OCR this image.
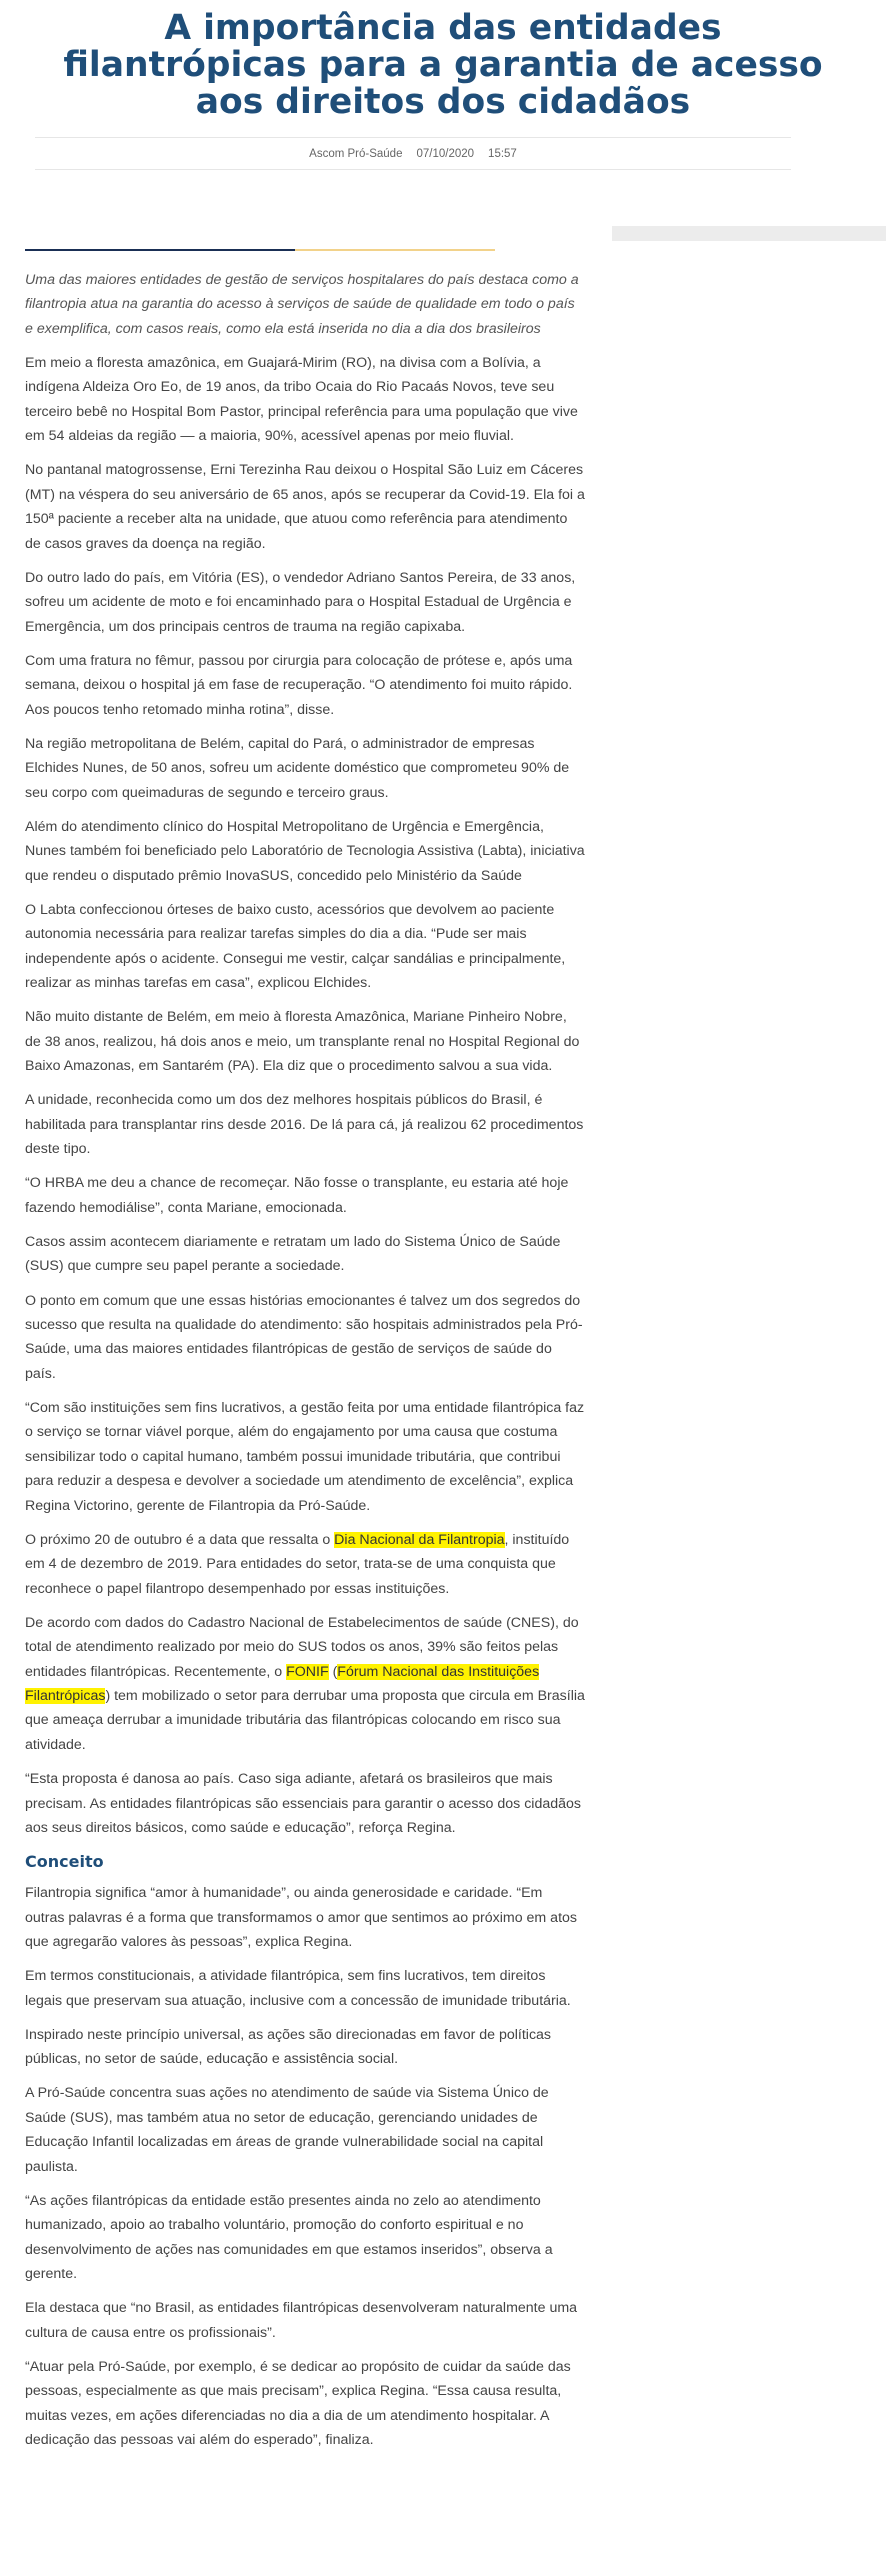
A importância das entidades filantrópicas para a garantia de acesso aos direitos dos cidadãos
Ascom Pró-Saúde 07/10/2020 15:57

Uma das maiores entidades de gestão de serviços hospitalares do país destaca como a filantropia atua na garantia do acesso à serviços de saúde de qualidade em todo o país e exemplifica, com casos reais, como ela está inserida no dia a dia dos brasileiros

Em meio a floresta amazônica, em Guajará-Mirim (RO), na divisa com a Bolívia, a indígena Aldeiza Oro Eo, de 19 anos, da tribo Ocaia do Rio Pacaás Novos, teve seu terceiro bebê no Hospital Bom Pastor, principal referência para uma população que vive em 54 aldeias da região — a maioria, 90%, acessível apenas por meio fluvial.

No pantanal matogrossense, Erni Terezinha Rau deixou o Hospital São Luiz em Cáceres (MT) na véspera do seu aniversário de 65 anos, após se recuperar da Covid-19. Ela foi a 150ª paciente a receber alta na unidade, que atuou como referência para atendimento de casos graves da doença na região.

Do outro lado do país, em Vitória (ES), o vendedor Adriano Santos Pereira, de 33 anos, sofreu um acidente de moto e foi encaminhado para o Hospital Estadual de Urgência e Emergência, um dos principais centros de trauma na região capixaba.

Com uma fratura no fêmur, passou por cirurgia para colocação de prótese e, após uma semana, deixou o hospital já em fase de recuperação. “O atendimento foi muito rápido. Aos poucos tenho retomado minha rotina”, disse.

Na região metropolitana de Belém, capital do Pará, o administrador de empresas Elchides Nunes, de 50 anos, sofreu um acidente doméstico que comprometeu 90% de seu corpo com queimaduras de segundo e terceiro graus.

Além do atendimento clínico do Hospital Metropolitano de Urgência e Emergência, Nunes também foi beneficiado pelo Laboratório de Tecnologia Assistiva (Labta), iniciativa que rendeu o disputado prêmio InovaSUS, concedido pelo Ministério da Saúde

O Labta confeccionou órteses de baixo custo, acessórios que devolvem ao paciente autonomia necessária para realizar tarefas simples do dia a dia. “Pude ser mais independente após o acidente. Consegui me vestir, calçar sandálias e principalmente, realizar as minhas tarefas em casa”, explicou Elchides.

Não muito distante de Belém, em meio à floresta Amazônica, Mariane Pinheiro Nobre, de 38 anos, realizou, há dois anos e meio, um transplante renal no Hospital Regional do Baixo Amazonas, em Santarém (PA). Ela diz que o procedimento salvou a sua vida.

A unidade, reconhecida como um dos dez melhores hospitais públicos do Brasil, é habilitada para transplantar rins desde 2016. De lá para cá, já realizou 62 procedimentos deste tipo.

“O HRBA me deu a chance de recomeçar. Não fosse o transplante, eu estaria até hoje fazendo hemodiálise”, conta Mariane, emocionada.

Casos assim acontecem diariamente e retratam um lado do Sistema Único de Saúde (SUS) que cumpre seu papel perante a sociedade.

O ponto em comum que une essas histórias emocionantes é talvez um dos segredos do sucesso que resulta na qualidade do atendimento: são hospitais administrados pela Pró-Saúde, uma das maiores entidades filantrópicas de gestão de serviços de saúde do país.

“Com são instituições sem fins lucrativos, a gestão feita por uma entidade filantrópica faz o serviço se tornar viável porque, além do engajamento por uma causa que costuma sensibilizar todo o capital humano, também possui imunidade tributária, que contribui para reduzir a despesa e devolver a sociedade um atendimento de excelência”, explica Regina Victorino, gerente de Filantropia da Pró-Saúde.

O próximo 20 de outubro é a data que ressalta o Dia Nacional da Filantropia, instituído em 4 de dezembro de 2019. Para entidades do setor, trata-se de uma conquista que reconhece o papel filantropo desempenhado por essas instituições.

De acordo com dados do Cadastro Nacional de Estabelecimentos de saúde (CNES), do total de atendimento realizado por meio do SUS todos os anos, 39% são feitos pelas entidades filantrópicas. Recentemente, o FONIF (Fórum Nacional das Instituições Filantrópicas) tem mobilizado o setor para derrubar uma proposta que circula em Brasília que ameaça derrubar a imunidade tributária das filantrópicas colocando em risco sua atividade.

“Esta proposta é danosa ao país. Caso siga adiante, afetará os brasileiros que mais precisam. As entidades filantrópicas são essenciais para garantir o acesso dos cidadãos aos seus direitos básicos, como saúde e educação”, reforça Regina.

Conceito

Filantropia significa “amor à humanidade”, ou ainda generosidade e caridade. “Em outras palavras é a forma que transformamos o amor que sentimos ao próximo em atos que agregarão valores às pessoas”, explica Regina.

Em termos constitucionais, a atividade filantrópica, sem fins lucrativos, tem direitos legais que preservam sua atuação, inclusive com a concessão de imunidade tributária.

Inspirado neste princípio universal, as ações são direcionadas em favor de políticas públicas, no setor de saúde, educação e assistência social.

A Pró-Saúde concentra suas ações no atendimento de saúde via Sistema Único de Saúde (SUS), mas também atua no setor de educação, gerenciando unidades de Educação Infantil localizadas em áreas de grande vulnerabilidade social na capital paulista.

“As ações filantrópicas da entidade estão presentes ainda no zelo ao atendimento humanizado, apoio ao trabalho voluntário, promoção do conforto espiritual e no desenvolvimento de ações nas comunidades em que estamos inseridos”, observa a gerente.

Ela destaca que “no Brasil, as entidades filantrópicas desenvolveram naturalmente uma cultura de causa entre os profissionais”.

“Atuar pela Pró-Saúde, por exemplo, é se dedicar ao propósito de cuidar da saúde das pessoas, especialmente as que mais precisam”, explica Regina. “Essa causa resulta, muitas vezes, em ações diferenciadas no dia a dia de um atendimento hospitalar. A dedicação das pessoas vai além do esperado”, finaliza.
